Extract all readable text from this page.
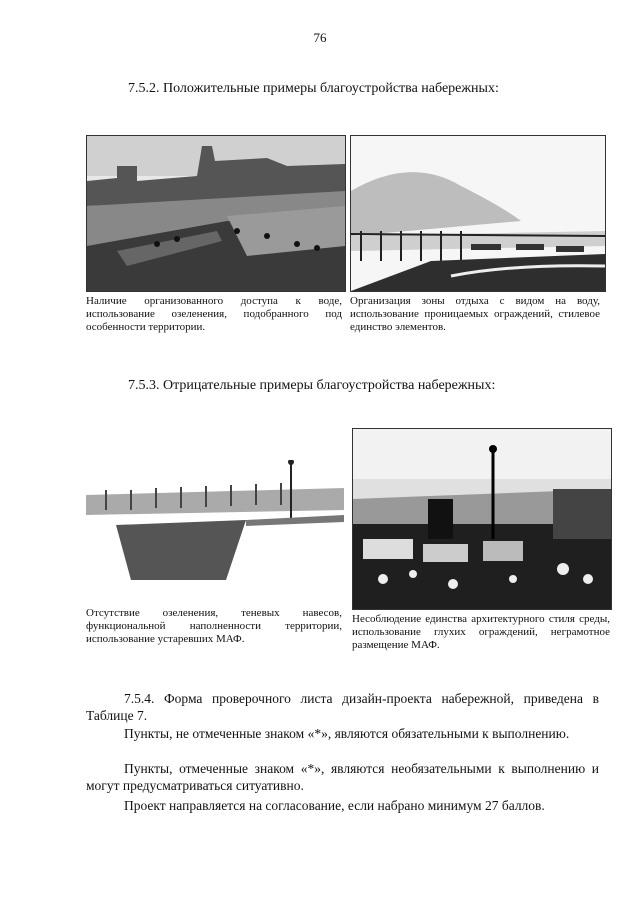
76
7.5.2. Положительные примеры благоустройства набережных:
Наличие организованного доступа к воде, использование озеленения, подобранного под особенности территории.
Организация зоны отдыха с видом на воду, использование проницаемых ограждений, стилевое единство элементов.
7.5.3. Отрицательные примеры благоустройства набережных:
Отсутствие озеленения, теневых навесов, функциональной наполненности территории, использование устаревших МАФ.
Несоблюдение единства архитектурного стиля среды, использование глухих ограждений, неграмотное размещение МАФ.
7.5.4. Форма проверочного листа дизайн-проекта набережной, приведена в Таблице 7.
Пункты, не отмеченные знаком «*», являются обязательными к выполнению.
Пункты, отмеченные знаком «*», являются необязательными к выполнению и могут предусматриваться ситуативно.
Проект направляется на согласование, если набрано минимум 27 баллов.
